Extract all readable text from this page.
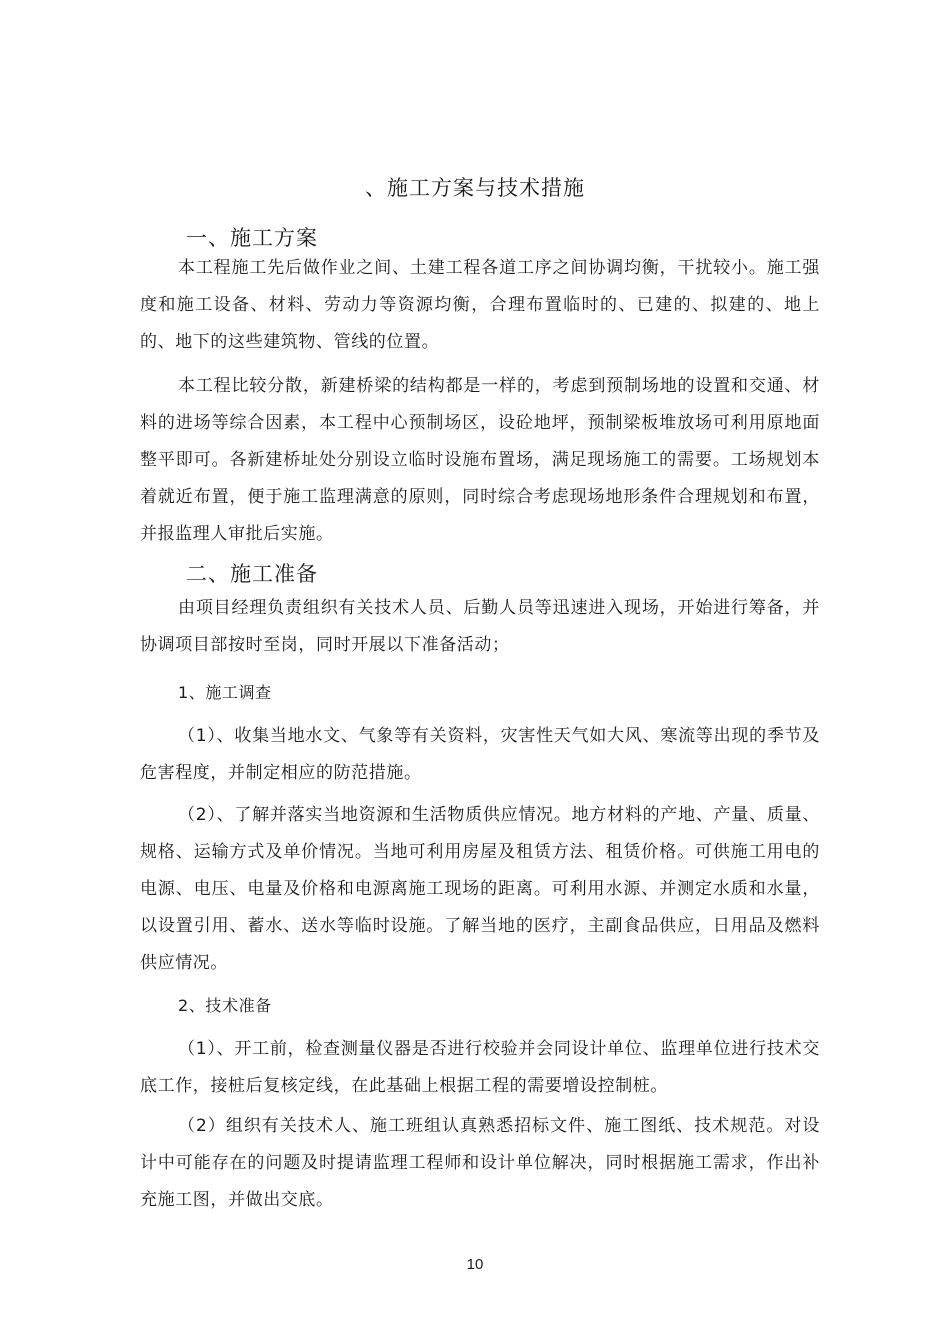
、施工方案与技术措施
一、施工方案

本工程施工先后做作业之间、土建工程各道工序之间协调均衡，干扰较小。施工强度和施工设备、材料、劳动力等资源均衡，合理布置临时的、已建的、拟建的、地上的、地下的这些建筑物、管线的位置。

本工程比较分散，新建桥梁的结构都是一样的，考虑到预制场地的设置和交通、材料的进场等综合因素，本工程中心预制场区，设砼地坪，预制梁板堆放场可利用原地面整平即可。各新建桥址处分别设立临时设施布置场，满足现场施工的需要。工场规划本着就近布置，便于施工监理满意的原则，同时综合考虑现场地形条件合理规划和布置，并报监理人审批后实施。

二、施工准备

由项目经理负责组织有关技术人员、后勤人员等迅速进入现场，开始进行筹备，并协调项目部按时至岗，同时开展以下准备活动；

1、施工调查

（1）、收集当地水文、气象等有关资料，灾害性天气如大风、寒流等出现的季节及危害程度，并制定相应的防范措施。

（2）、了解并落实当地资源和生活物质供应情况。地方材料的产地、产量、质量、规格、运输方式及单价情况。当地可利用房屋及租赁方法、租赁价格。可供施工用电的电源、电压、电量及价格和电源离施工现场的距离。可利用水源、并测定水质和水量，以设置引用、蓄水、送水等临时设施。了解当地的医疗，主副食品供应，日用品及燃料供应情况。

2、技术准备

（1）、开工前，检查测量仪器是否进行校验并会同设计单位、监理单位进行技术交底工作，接桩后复核定线，在此基础上根据工程的需要增设控制桩。

（2）组织有关技术人、施工班组认真熟悉招标文件、施工图纸、技术规范。对设计中可能存在的问题及时提请监理工程师和设计单位解决，同时根据施工需求，作出补充施工图，并做出交底。

10
